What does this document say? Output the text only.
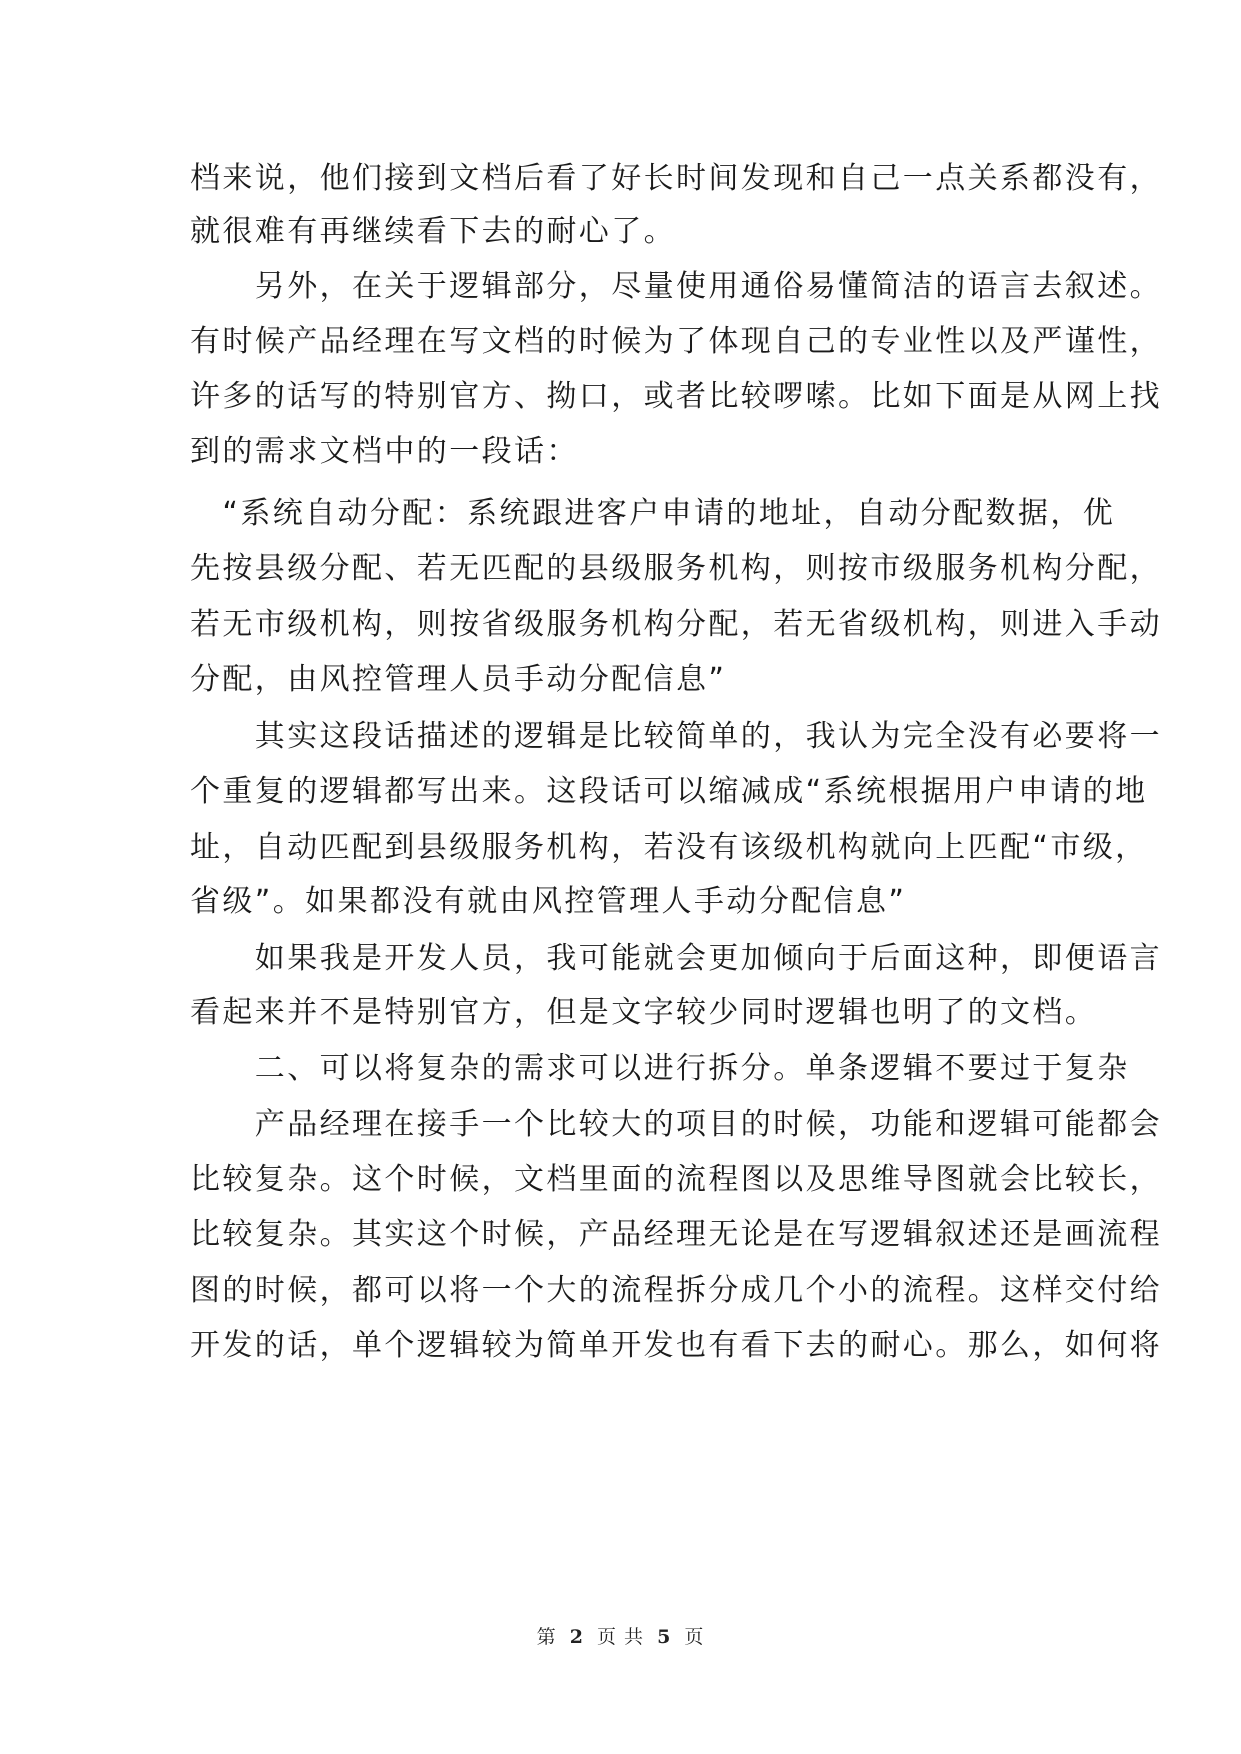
档来说，他们接到文档后看了好长时间发现和自己一点关系都没有，
就很难有再继续看下去的耐心了。
　　另外，在关于逻辑部分，尽量使用通俗易懂简洁的语言去叙述。
有时候产品经理在写文档的时候为了体现自己的专业性以及严谨性，
许多的话写的特别官方、拗口，或者比较啰嗦。比如下面是从网上找
到的需求文档中的一段话：
　“系统自动分配：系统跟进客户申请的地址，自动分配数据，优
先按县级分配、若无匹配的县级服务机构，则按市级服务机构分配，
若无市级机构，则按省级服务机构分配，若无省级机构，则进入手动
分配，由风控管理人员手动分配信息”
　　其实这段话描述的逻辑是比较简单的，我认为完全没有必要将一
个重复的逻辑都写出来。这段话可以缩减成“系统根据用户申请的地
址，自动匹配到县级服务机构，若没有该级机构就向上匹配“市级，
省级”。如果都没有就由风控管理人手动分配信息”
　　如果我是开发人员，我可能就会更加倾向于后面这种，即便语言
看起来并不是特别官方，但是文字较少同时逻辑也明了的文档。
　　二、可以将复杂的需求可以进行拆分。单条逻辑不要过于复杂
　　产品经理在接手一个比较大的项目的时候，功能和逻辑可能都会
比较复杂。这个时候，文档里面的流程图以及思维导图就会比较长，
比较复杂。其实这个时候，产品经理无论是在写逻辑叙述还是画流程
图的时候，都可以将一个大的流程拆分成几个小的流程。这样交付给
开发的话，单个逻辑较为简单开发也有看下去的耐心。那么，如何将
第 2 页 共 5 页
